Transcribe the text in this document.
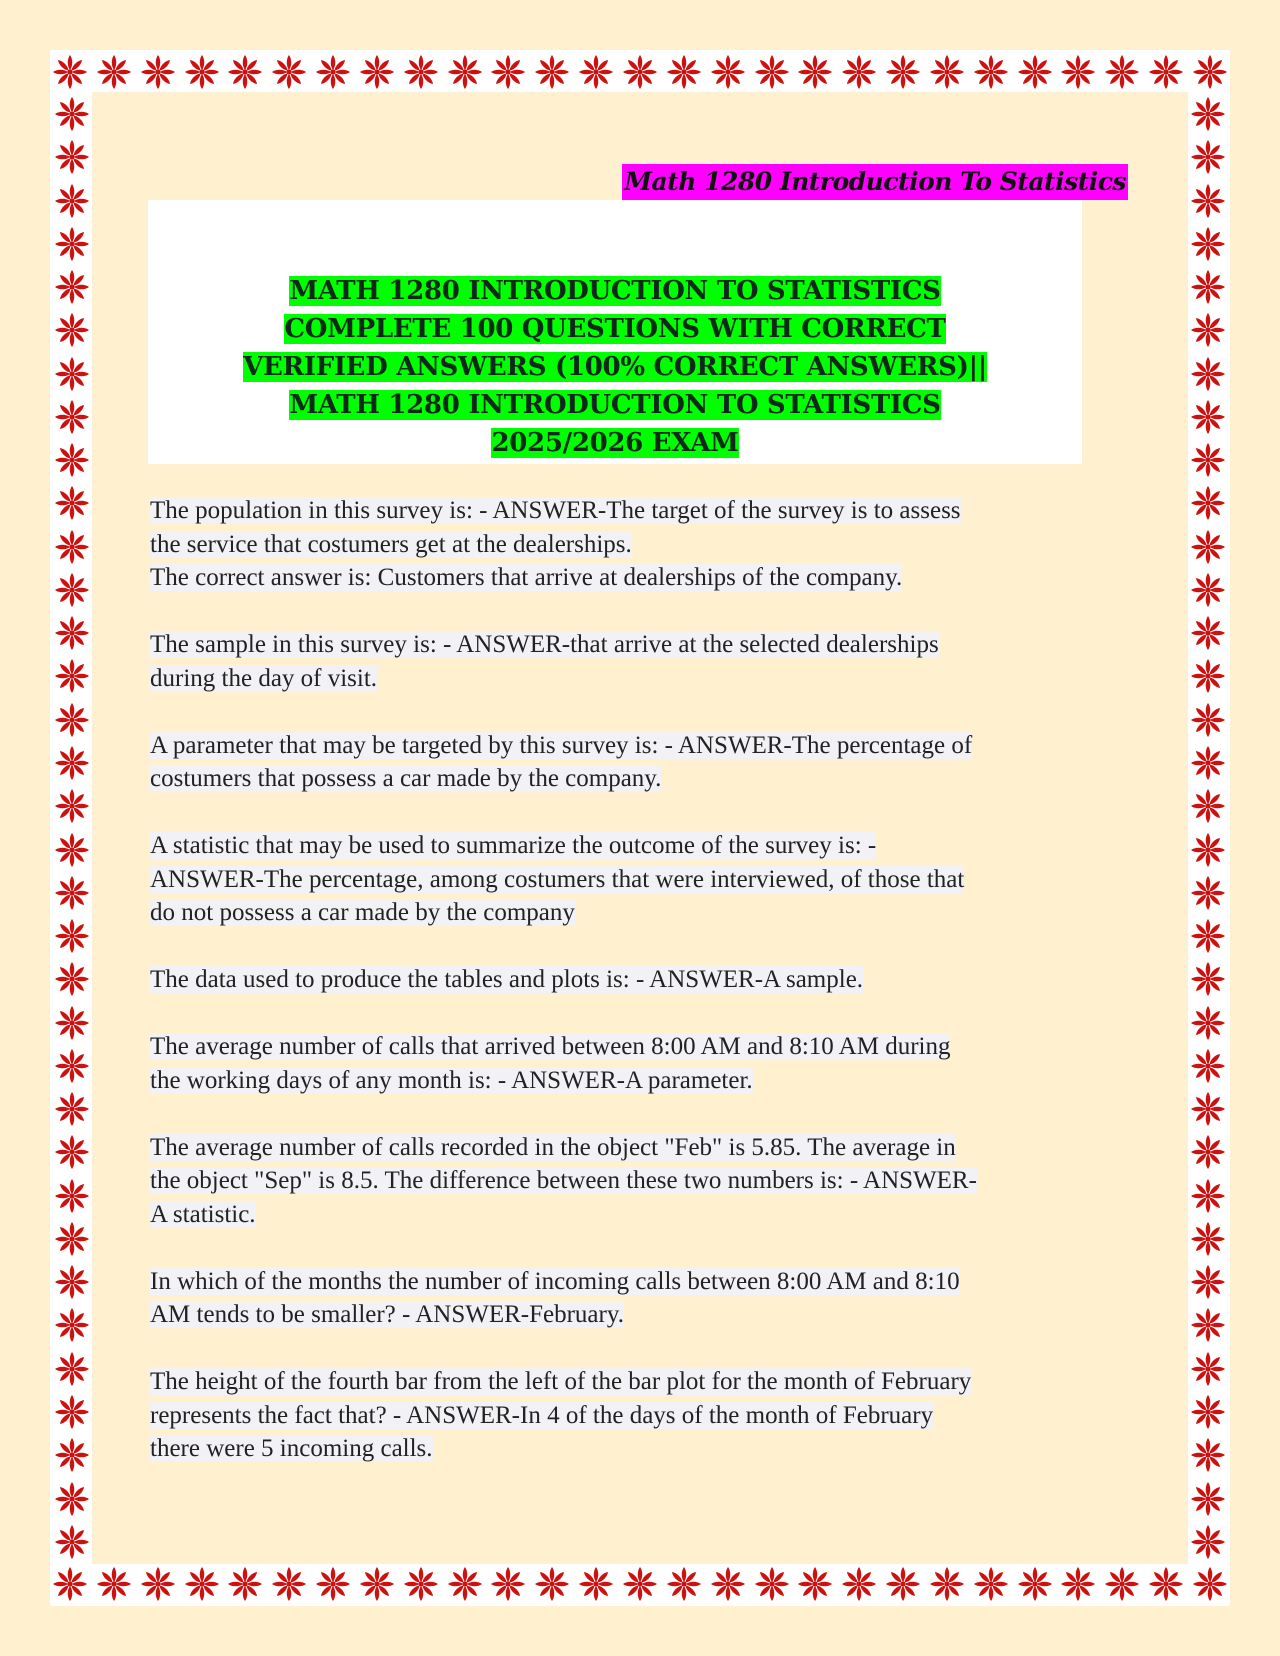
Math 1280 Introduction To Statistics
MATH 1280 INTRODUCTION TO STATISTICS
COMPLETE 100 QUESTIONS WITH CORRECT
VERIFIED ANSWERS (100% CORRECT ANSWERS)||
MATH 1280 INTRODUCTION TO STATISTICS
2025/2026 EXAM
The population in this survey is: - ANSWER-The target of the survey is to assess
the service that costumers get at the dealerships.
The correct answer is: Customers that arrive at dealerships of the company.
The sample in this survey is: - ANSWER-that arrive at the selected dealerships
during the day of visit.
A parameter that may be targeted by this survey is: - ANSWER-The percentage of
costumers that possess a car made by the company.
A statistic that may be used to summarize the outcome of the survey is: -
ANSWER-The percentage, among costumers that were interviewed, of those that
do not possess a car made by the company
The data used to produce the tables and plots is: - ANSWER-A sample.
The average number of calls that arrived between 8:00 AM and 8:10 AM during
the working days of any month is: - ANSWER-A parameter.
The average number of calls recorded in the object "Feb" is 5.85. The average in
the object "Sep" is 8.5. The difference between these two numbers is: - ANSWER-
A statistic.
In which of the months the number of incoming calls between 8:00 AM and 8:10
AM tends to be smaller? - ANSWER-February.
The height of the fourth bar from the left of the bar plot for the month of February
represents the fact that? - ANSWER-In 4 of the days of the month of February
there were 5 incoming calls.
